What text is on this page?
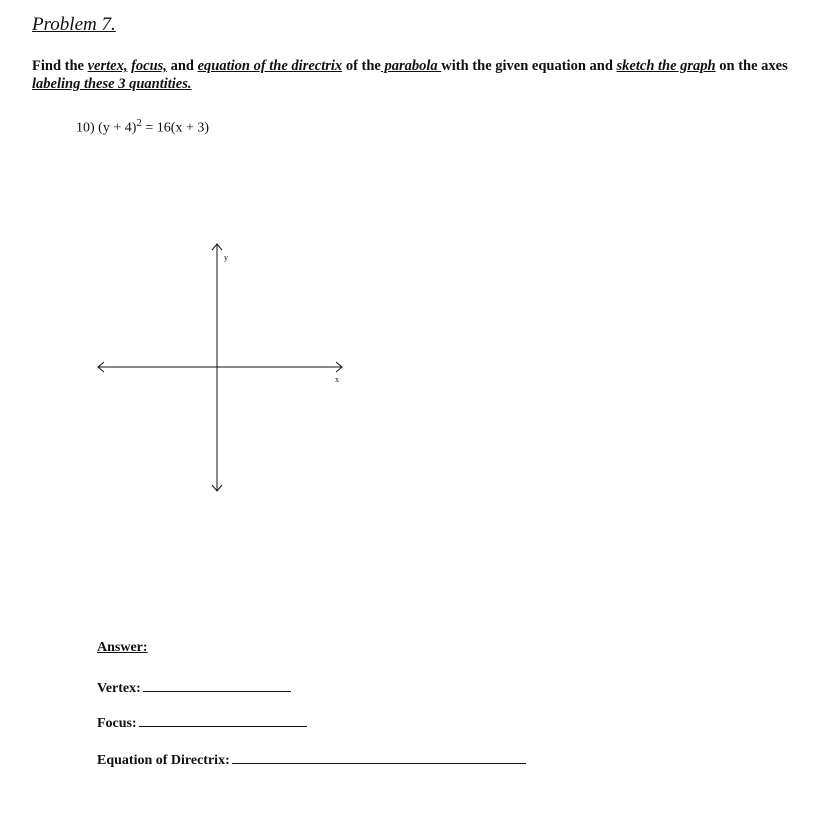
Problem 7.
Find the vertex, focus, and equation of the directrix of the parabola with the given equation and sketch the graph on the axes labeling these 3 quantities.
10) $(y + 4)^2 = 16(x + 3)$
x
y
Answer:
Vertex:
Focus:
Equation of Directrix:
